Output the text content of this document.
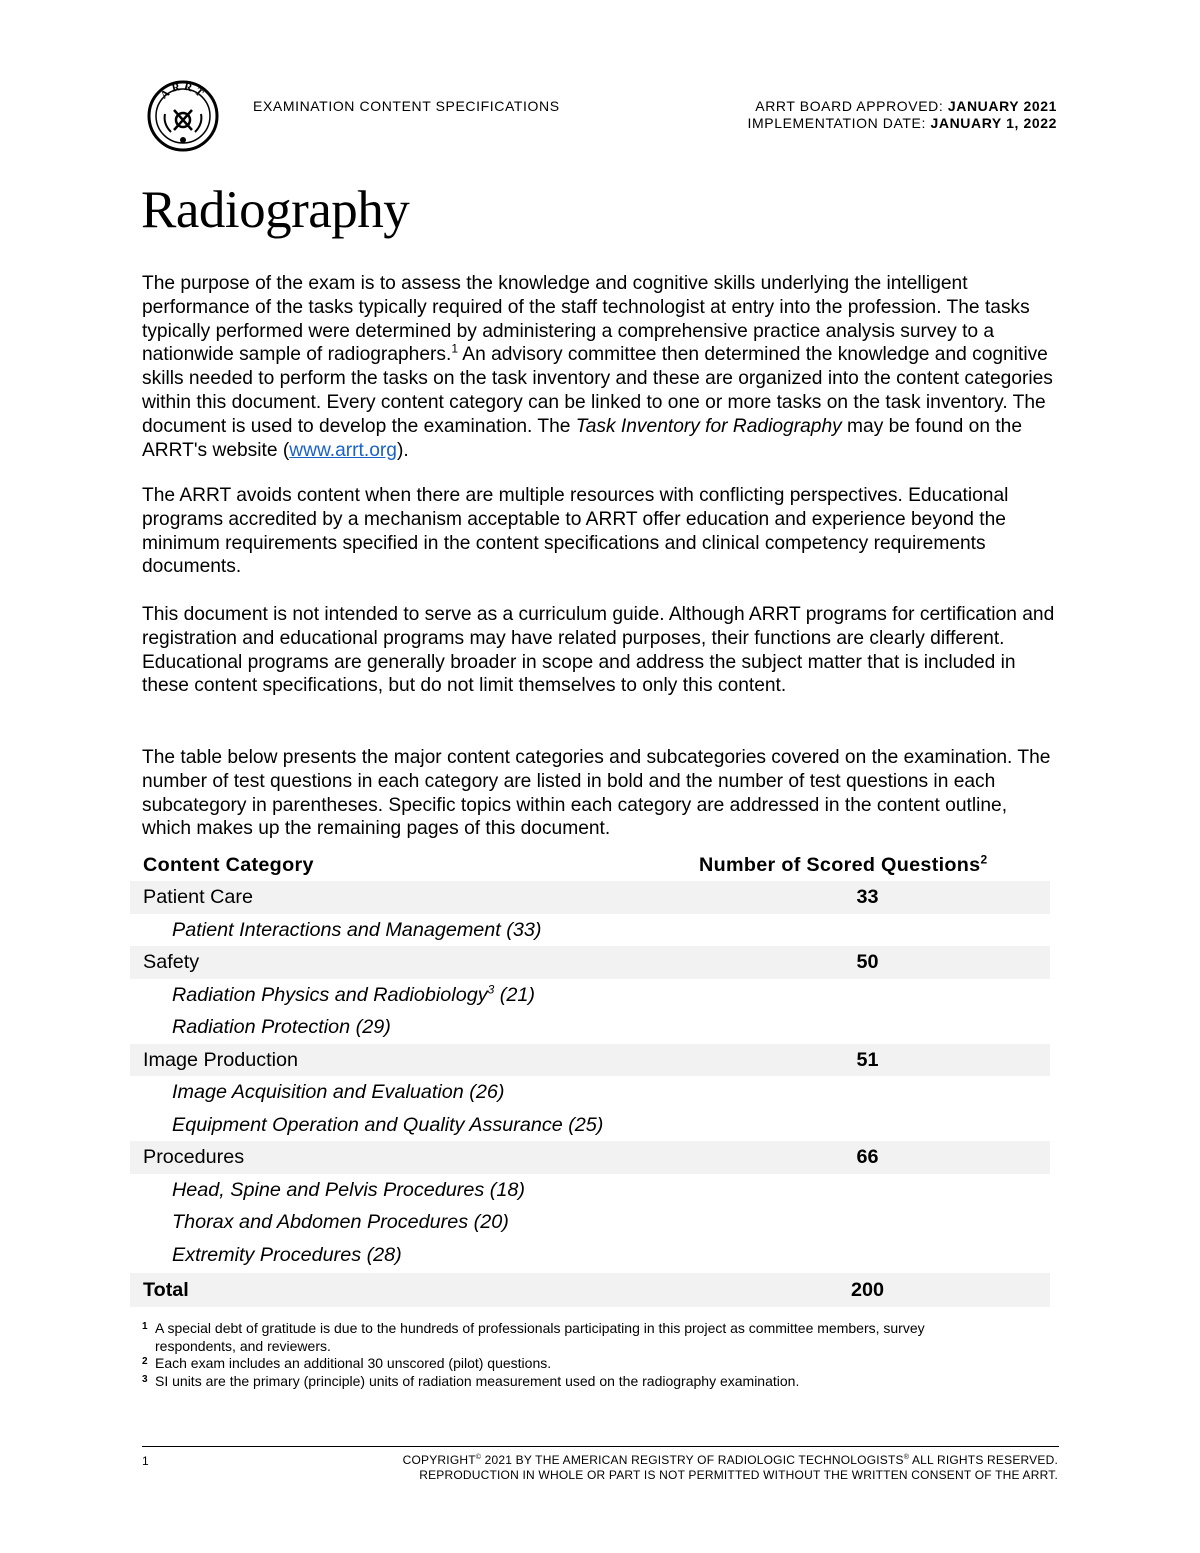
ARRT
EXAMINATION CONTENT SPECIFICATIONS	ARRT BOARD APPROVED: JANUARY 2021
IMPLEMENTATION DATE: JANUARY 1, 2022
Radiography

The purpose of the exam is to assess the knowledge and cognitive skills underlying the intelligent performance of the tasks typically required of the staff technologist at entry into the profession. The tasks typically performed were determined by administering a comprehensive practice analysis survey to a nationwide sample of radiographers.$^1$ An advisory committee then determined the knowledge and cognitive skills needed to perform the tasks on the task inventory and these are organized into the content categories within this document. Every content category can be linked to one or more tasks on the task inventory. The document is used to develop the examination. The Task Inventory for Radiography may be found on the ARRT's website (www.arrt.org).

The ARRT avoids content when there are multiple resources with conflicting perspectives. Educational programs accredited by a mechanism acceptable to ARRT offer education and experience beyond the minimum requirements specified in the content specifications and clinical competency requirements documents.

This document is not intended to serve as a curriculum guide. Although ARRT programs for certification and registration and educational programs may have related purposes, their functions are clearly different. Educational programs are generally broader in scope and address the subject matter that is included in these content specifications, but do not limit themselves to only this content.

The table below presents the major content categories and subcategories covered on the examination. The number of test questions in each category are listed in bold and the number of test questions in each subcategory in parentheses. Specific topics within each category are addressed in the content outline, which makes up the remaining pages of this document.

Content Category	Number of Scored Questions$^2$
Patient Care	33
Patient Interactions and Management (33)
Safety	50
Radiation Physics and Radiobiology$^3$ (21)
Radiation Protection (29)
Image Production	51
Image Acquisition and Evaluation (26)
Equipment Operation and Quality Assurance (25)
Procedures	66
Head, Spine and Pelvis Procedures (18)
Thorax and Abdomen Procedures (20)
Extremity Procedures (28)
Total	200
1 A special debt of gratitude is due to the hundreds of professionals participating in this project as committee members, survey respondents, and reviewers.
2 Each exam includes an additional 30 unscored (pilot) questions.
3 SI units are the primary (principle) units of radiation measurement used on the radiography examination.
1	COPYRIGHT© 2021 BY THE AMERICAN REGISTRY OF RADIOLOGIC TECHNOLOGISTS® ALL RIGHTS RESERVED.
REPRODUCTION IN WHOLE OR PART IS NOT PERMITTED WITHOUT THE WRITTEN CONSENT OF THE ARRT.
